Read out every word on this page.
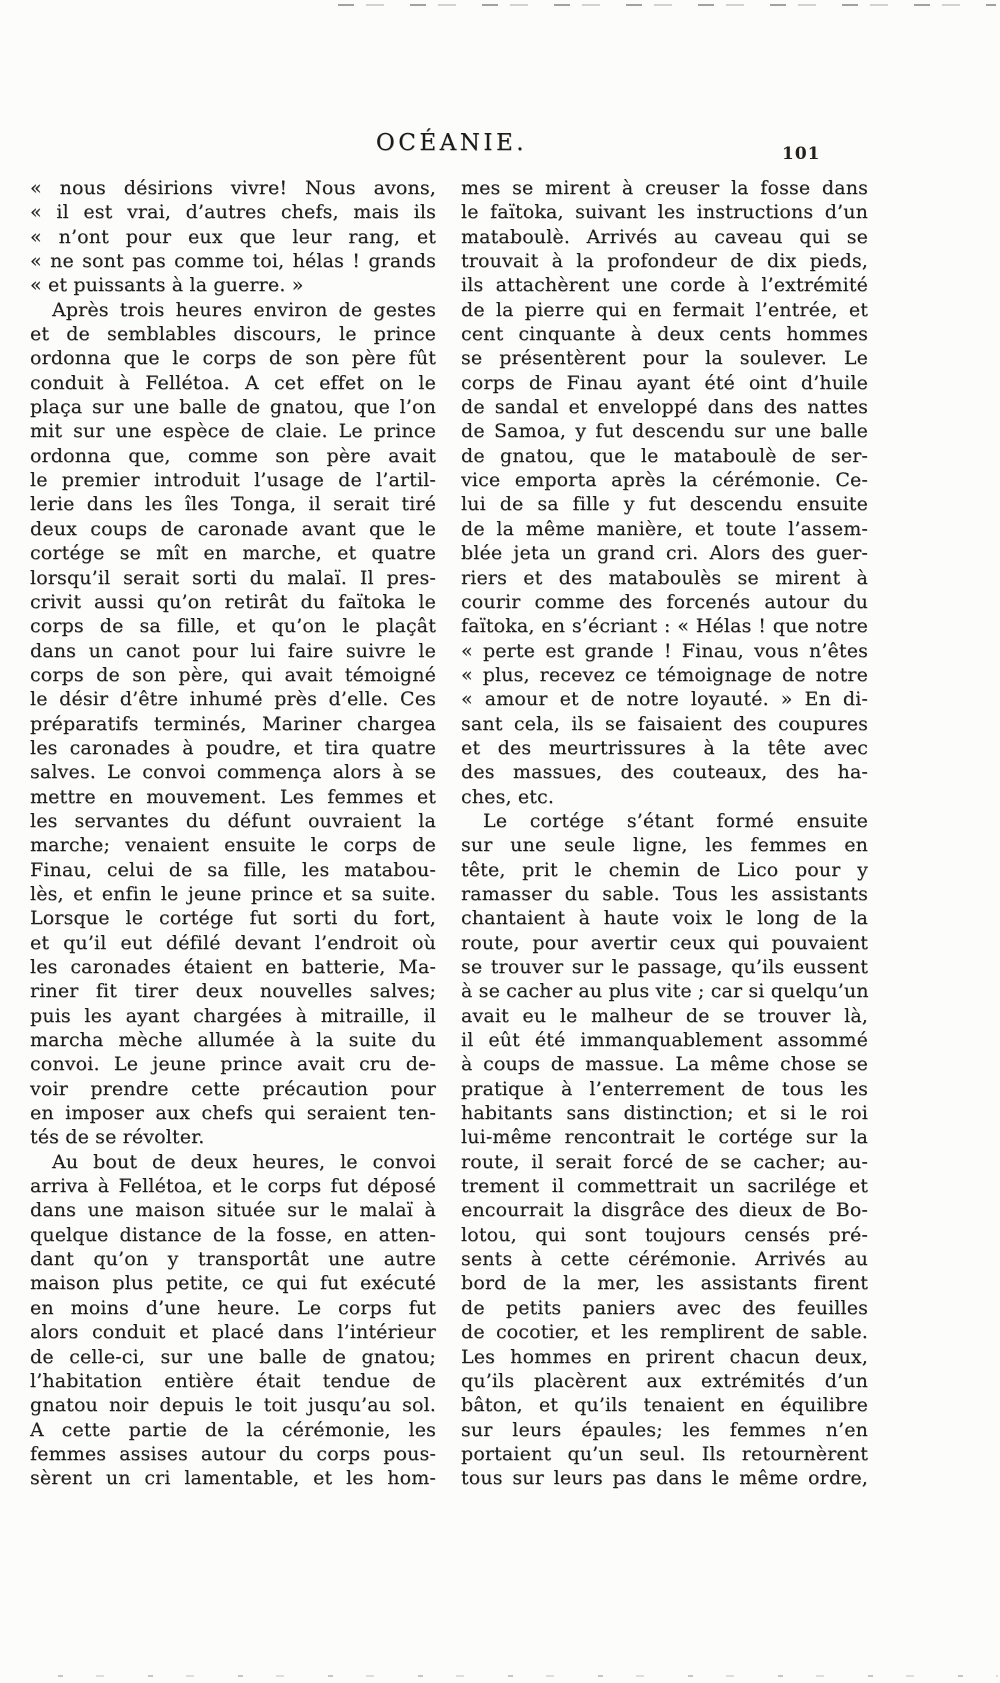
OCÉANIE.	101
« nous désirions vivre! Nous avons,
« il est vrai, d’autres chefs, mais ils
« n’ont pour eux que leur rang, et
« ne sont pas comme toi, hélas ! grands
« et puissants à la guerre. »
Après trois heures environ de gestes
et de semblables discours, le prince
ordonna que le corps de son père fût
conduit à Fellétoa. A cet effet on le
plaça sur une balle de gnatou, que l’on
mit sur une espèce de claie. Le prince
ordonna que, comme son père avait
le premier introduit l’usage de l’artil-
lerie dans les îles Tonga, il serait tiré
deux coups de caronade avant que le
cortége se mît en marche, et quatre
lorsqu’il serait sorti du malaï. Il pres-
crivit aussi qu’on retirât du faïtoka le
corps de sa fille, et qu’on le plaçât
dans un canot pour lui faire suivre le
corps de son père, qui avait témoigné
le désir d’être inhumé près d’elle. Ces
préparatifs terminés, Mariner chargea
les caronades à poudre, et tira quatre
salves. Le convoi commença alors à se
mettre en mouvement. Les femmes et
les servantes du défunt ouvraient la
marche; venaient ensuite le corps de
Finau, celui de sa fille, les matabou-
lès, et enfin le jeune prince et sa suite.
Lorsque le cortége fut sorti du fort,
et qu’il eut défilé devant l’endroit où
les caronades étaient en batterie, Ma-
riner fit tirer deux nouvelles salves;
puis les ayant chargées à mitraille, il
marcha mèche allumée à la suite du
convoi. Le jeune prince avait cru de-
voir prendre cette précaution pour
en imposer aux chefs qui seraient ten-
tés de se révolter.
Au bout de deux heures, le convoi
arriva à Fellétoa, et le corps fut déposé
dans une maison située sur le malaï à
quelque distance de la fosse, en atten-
dant qu’on y transportât une autre
maison plus petite, ce qui fut exécuté
en moins d’une heure. Le corps fut
alors conduit et placé dans l’intérieur
de celle-ci, sur une balle de gnatou;
l’habitation entière était tendue de
gnatou noir depuis le toit jusqu’au sol.
A cette partie de la cérémonie, les
femmes assises autour du corps pous-
sèrent un cri lamentable, et les hom-
mes se mirent à creuser la fosse dans
le faïtoka, suivant les instructions d’un
mataboulè. Arrivés au caveau qui se
trouvait à la profondeur de dix pieds,
ils attachèrent une corde à l’extrémité
de la pierre qui en fermait l’entrée, et
cent cinquante à deux cents hommes
se présentèrent pour la soulever. Le
corps de Finau ayant été oint d’huile
de sandal et enveloppé dans des nattes
de Samoa, y fut descendu sur une balle
de gnatou, que le mataboulè de ser-
vice emporta après la cérémonie. Ce-
lui de sa fille y fut descendu ensuite
de la même manière, et toute l’assem-
blée jeta un grand cri. Alors des guer-
riers et des mataboulès se mirent à
courir comme des forcenés autour du
faïtoka, en s’écriant : « Hélas ! que notre
« perte est grande ! Finau, vous n’êtes
« plus, recevez ce témoignage de notre
« amour et de notre loyauté. » En di-
sant cela, ils se faisaient des coupures
et des meurtrissures à la tête avec
des massues, des couteaux, des ha-
ches, etc.
Le cortége s’étant formé ensuite
sur une seule ligne, les femmes en
tête, prit le chemin de Lico pour y
ramasser du sable. Tous les assistants
chantaient à haute voix le long de la
route, pour avertir ceux qui pouvaient
se trouver sur le passage, qu’ils eussent
à se cacher au plus vite ; car si quelqu’un
avait eu le malheur de se trouver là,
il eût été immanquablement assommé
à coups de massue. La même chose se
pratique à l’enterrement de tous les
habitants sans distinction; et si le roi
lui-même rencontrait le cortége sur la
route, il serait forcé de se cacher; au-
trement il commettrait un sacrilége et
encourrait la disgrâce des dieux de Bo-
lotou, qui sont toujours censés pré-
sents à cette cérémonie. Arrivés au
bord de la mer, les assistants firent
de petits paniers avec des feuilles
de cocotier, et les remplirent de sable.
Les hommes en prirent chacun deux,
qu’ils placèrent aux extrémités d’un
bâton, et qu’ils tenaient en équilibre
sur leurs épaules; les femmes n’en
portaient qu’un seul. Ils retournèrent
tous sur leurs pas dans le même ordre,
